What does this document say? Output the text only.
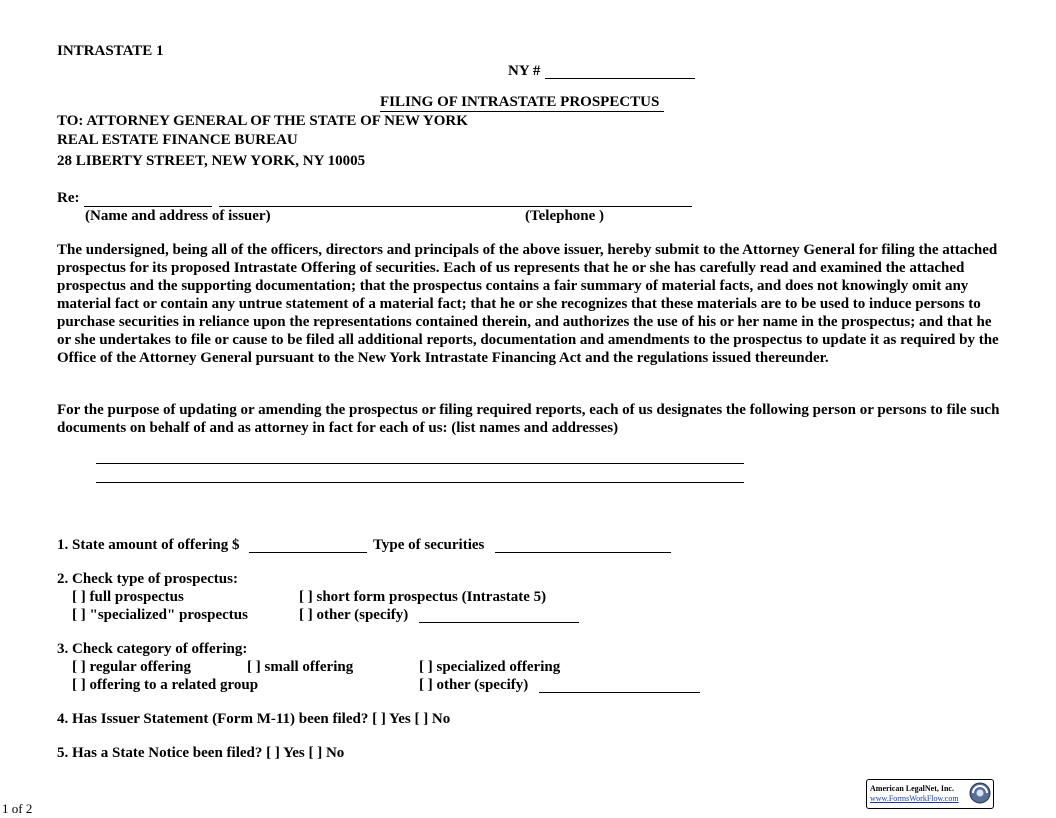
INTRASTATE 1
NY #
FILING OF INTRASTATE PROSPECTUS
TO: ATTORNEY GENERAL OF THE STATE OF NEW YORK
REAL ESTATE FINANCE BUREAU
28 LIBERTY STREET, NEW YORK, NY 10005
Re:
(Name and address of issuer)	(Telephone )
The undersigned, being all of the officers, directors and principals of the above issuer, hereby submit to the Attorney General for filing the attached prospectus for its proposed Intrastate Offering of securities. Each of us represents that he or she has carefully read and examined the attached prospectus and the supporting documentation; that the prospectus contains a fair summary of material facts, and does not knowingly omit any material fact or contain any untrue statement of a material fact; that he or she recognizes that these materials are to be used to induce persons to purchase securities in reliance upon the representations contained therein, and authorizes the use of his or her name in the prospectus; and that he or she undertakes to file or cause to be filed all additional reports, documentation and amendments to the prospectus to update it as required by the Office of the Attorney General pursuant to the New York Intrastate Financing Act and the regulations issued thereunder.
For the purpose of updating or amending the prospectus or filing required reports, each of us designates the following person or persons to file such documents on behalf of and as attorney in fact for each of us: (list names and addresses)
1. State amount of offering $	Type of securities
2. Check type of prospectus:
[ ] full prospectus	[ ] short form prospectus (Intrastate 5)
[ ] "specialized" prospectus	[ ] other (specify)
3. Check category of offering:
[ ] regular offering	[ ] small offering	[ ] specialized offering
[ ] offering to a related group	[ ] other (specify)
4. Has Issuer Statement (Form M-11) been filed? [ ] Yes [ ] No
5. Has a State Notice been filed? [ ] Yes [ ] No
1 of 2
American LegalNet, Inc.
www.FormsWorkFlow.com
